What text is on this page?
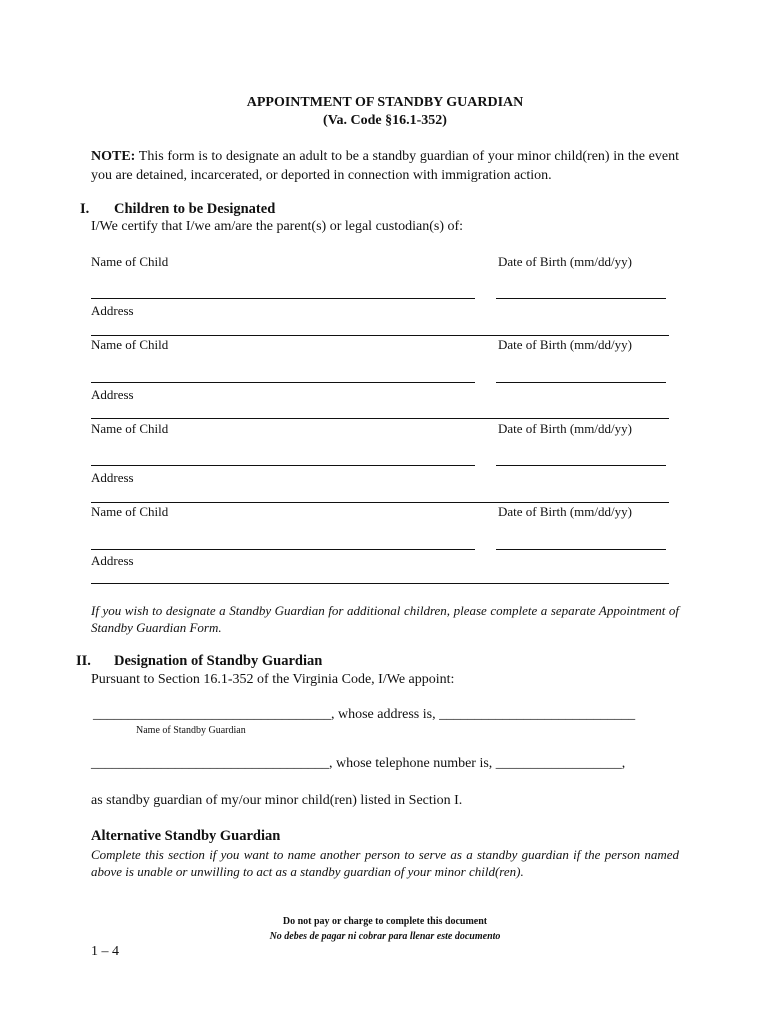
APPOINTMENT OF STANDBY GUARDIAN
(Va. Code §16.1-352)
NOTE: This form is to designate an adult to be a standby guardian of your minor child(ren) in the event you are detained, incarcerated, or deported in connection with immigration action.
I. Children to be Designated
I/We certify that I/we am/are the parent(s) or legal custodian(s) of:
Name of Child	Date of Birth (mm/dd/yy)
Address
Name of Child	Date of Birth (mm/dd/yy)
Address
Name of Child	Date of Birth (mm/dd/yy)
Address
Name of Child	Date of Birth (mm/dd/yy)
Address
If you wish to designate a Standby Guardian for additional children, please complete a separate Appointment of Standby Guardian Form.
II. Designation of Standby Guardian
Pursuant to Section 16.1-352 of the Virginia Code, I/We appoint:
__________________________________, whose address is, ____________________________
Name of Standby Guardian
__________________________________, whose telephone number is, __________________,
as standby guardian of my/our minor child(ren) listed in Section I.
Alternative Standby Guardian
Complete this section if you want to name another person to serve as a standby guardian if the person named above is unable or unwilling to act as a standby guardian of your minor child(ren).
Do not pay or charge to complete this document
No debes de pagar ni cobrar para llenar este documento
1 – 4
